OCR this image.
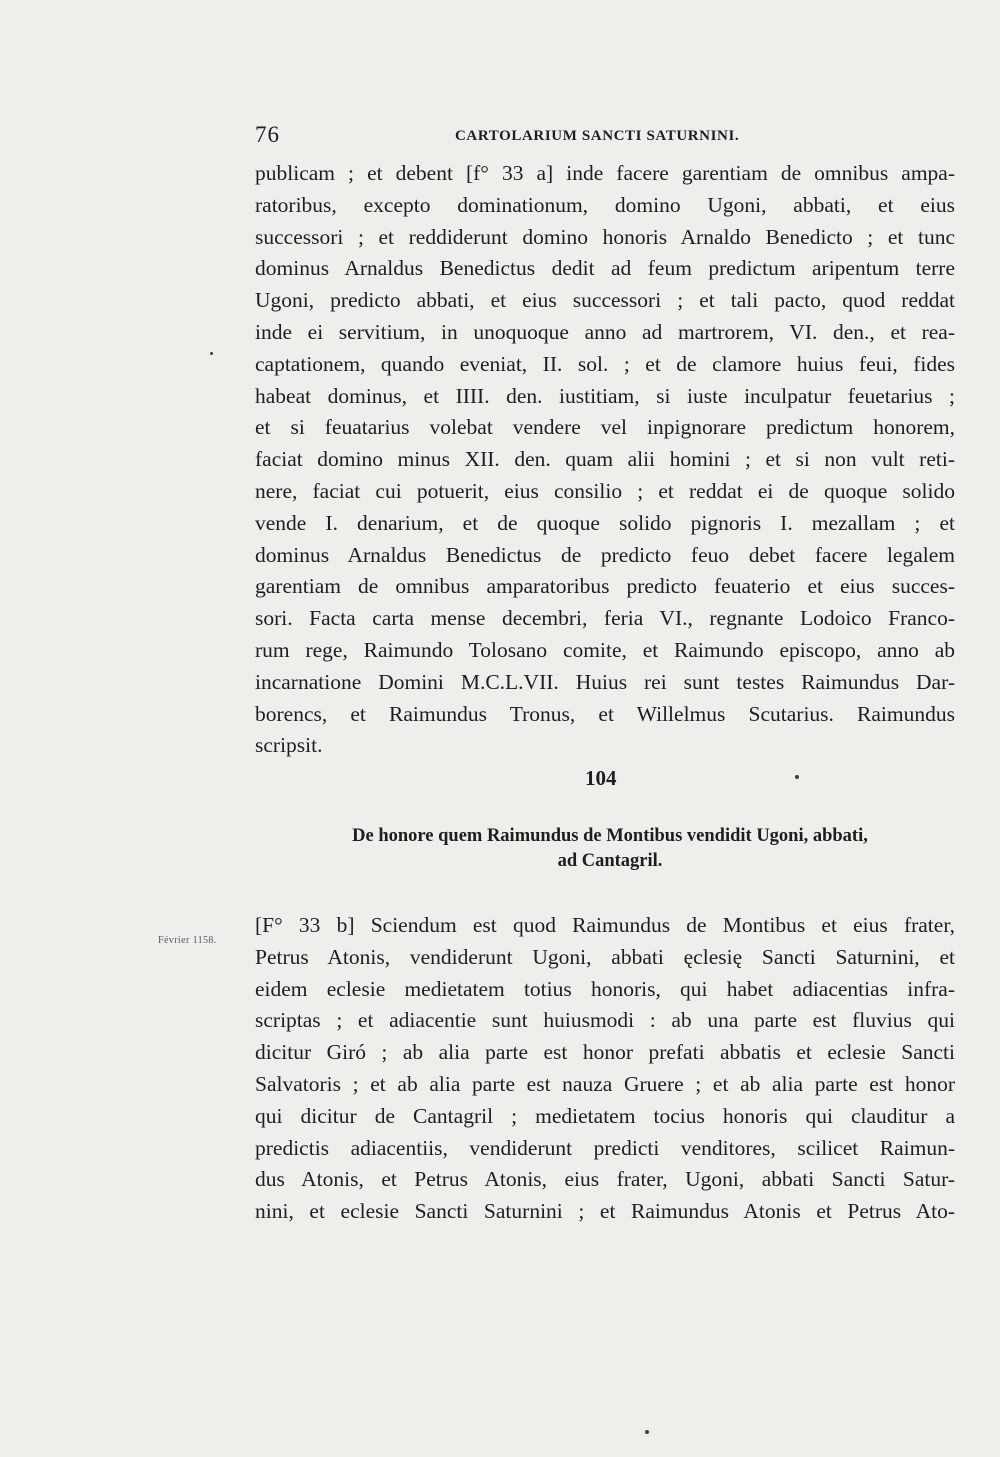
76	CARTOLARIUM SANCTI SATURNINI.
publicam ; et debent [f° 33 a] inde facere garentiam de omnibus ampa-
ratoribus, excepto dominationum, domino Ugoni, abbati, et eius
successori ; et reddiderunt domino honoris Arnaldo Benedicto ; et tunc
dominus Arnaldus Benedictus dedit ad feum predictum aripentum terre
Ugoni, predicto abbati, et eius successori ; et tali pacto, quod reddat
inde ei servitium, in unoquoque anno ad martrorem, VI. den., et rea-
captationem, quando eveniat, II. sol. ; et de clamore huius feui, fides
habeat dominus, et IIII. den. iustitiam, si iuste inculpatur feuetarius ;
et si feuatarius volebat vendere vel inpignorare predictum honorem,
faciat domino minus XII. den. quam alii homini ; et si non vult reti-
nere, faciat cui potuerit, eius consilio ; et reddat ei de quoque solido
vende I. denarium, et de quoque solido pignoris I. mezallam ; et
dominus Arnaldus Benedictus de predicto feuo debet facere legalem
garentiam de omnibus amparatoribus predicto feuaterio et eius succes-
sori. Facta carta mense decembri, feria VI., regnante Lodoico Franco-
rum rege, Raimundo Tolosano comite, et Raimundo episcopo, anno ab
incarnatione Domini M.C.L.VII. Huius rei sunt testes Raimundus Dar-
borencs, et Raimundus Tronus, et Willelmus Scutarius. Raimundus
scripsit.
104
De honore quem Raimundus de Montibus vendidit Ugoni, abbati,
ad Cantagril.
Février 1158.
[F° 33 b] Sciendum est quod Raimundus de Montibus et eius frater,
Petrus Atonis, vendiderunt Ugoni, abbati ęclesię Sancti Saturnini, et
eidem eclesie medietatem totius honoris, qui habet adiacentias infra-
scriptas ; et adiacentie sunt huiusmodi : ab una parte est fluvius qui
dicitur Giró ; ab alia parte est honor prefati abbatis et eclesie Sancti
Salvatoris ; et ab alia parte est nauza Gruere ; et ab alia parte est honor
qui dicitur de Cantagril ; medietatem tocius honoris qui clauditur a
predictis adiacentiis, vendiderunt predicti venditores, scilicet Raimun-
dus Atonis, et Petrus Atonis, eius frater, Ugoni, abbati Sancti Satur-
nini, et eclesie Sancti Saturnini ; et Raimundus Atonis et Petrus Ato-
